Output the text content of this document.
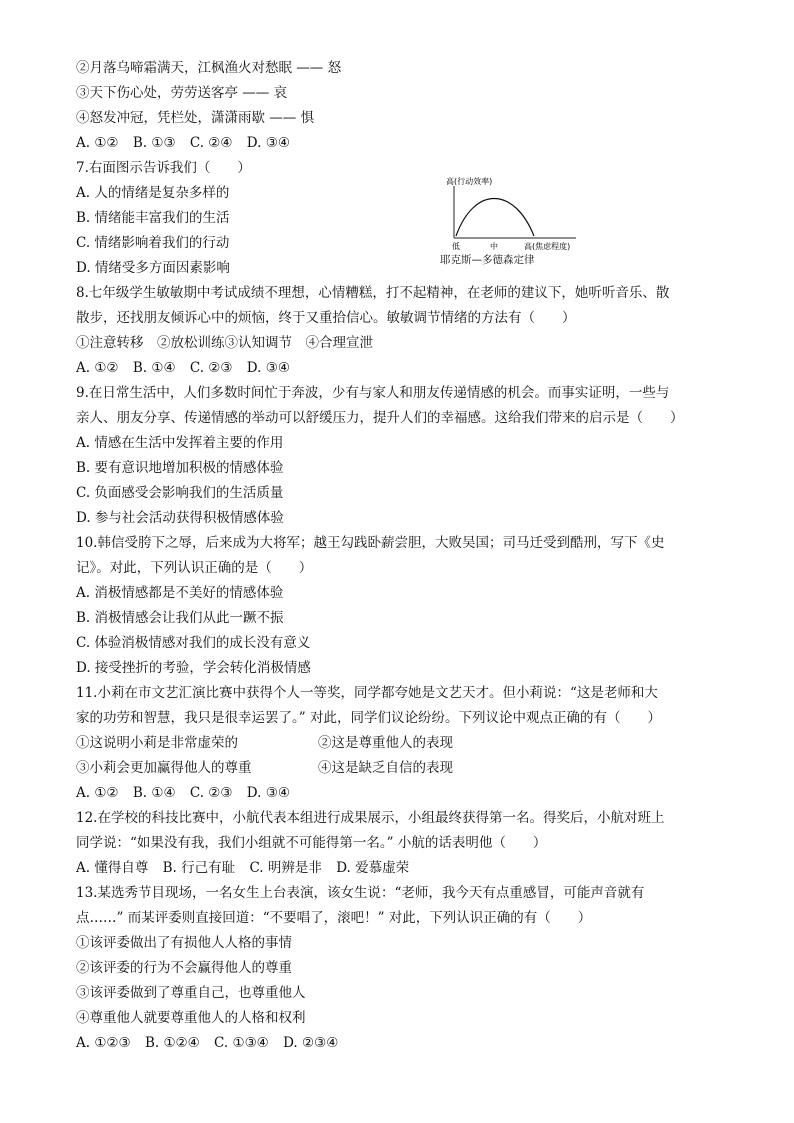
②月落乌啼霜满天，江枫渔火对愁眠 —— 怒
③天下伤心处，劳劳送客亭 —— 哀
④怒发冲冠，凭栏处，潇潇雨歇 —— 惧
A. ①② B. ①③ C. ②④ D. ③④
7.右面图示告诉我们（　　）
A. 人的情绪是复杂多样的
B. 情绪能丰富我们的生活
C. 情绪影响着我们的行动
D. 情绪受多方面因素影响
8.七年级学生敏敏期中考试成绩不理想，心情糟糕，打不起精神，在老师的建议下，她听听音乐、散
散步，还找朋友倾诉心中的烦恼，终于又重拾信心。敏敏调节情绪的方法有（　　）
①注意转移　②放松训练③认知调节　④合理宣泄
A. ①② B. ①④ C. ②③ D. ③④
9.在日常生活中，人们多数时间忙于奔波，少有与家人和朋友传递情感的机会。而事实证明，一些与
亲人、朋友分享、传递情感的举动可以舒缓压力，提升人们的幸福感。这给我们带来的启示是（　　）
A. 情感在生活中发挥着主要的作用
B. 要有意识地增加积极的情感体验
C. 负面感受会影响我们的生活质量
D. 参与社会活动获得积极情感体验
10.韩信受胯下之辱，后来成为大将军；越王勾践卧薪尝胆，大败吴国；司马迁受到酷刑，写下《史
记》。对此，下列认识正确的是（　　）
A. 消极情感都是不美好的情感体验
B. 消极情感会让我们从此一蹶不振
C. 体验消极情感对我们的成长没有意义
D. 接受挫折的考验，学会转化消极情感
11.小莉在市文艺汇演比赛中获得个人一等奖，同学都夸她是文艺天才。但小莉说：“这是老师和大
家的功劳和智慧，我只是很幸运罢了。” 对此，同学们议论纷纷。下列议论中观点正确的有（　　）
①这说明小莉是非常虚荣的	②这是尊重他人的表现
③小莉会更加赢得他人的尊重	④这是缺乏自信的表现
A. ①② B. ①④ C. ②③ D. ③④
12.在学校的科技比赛中，小航代表本组进行成果展示，小组最终获得第一名。得奖后，小航对班上
同学说：“如果没有我，我们小组就不可能得第一名。” 小航的话表明他（　　）
A. 懂得自尊 B. 行己有耻 C. 明辨是非 D. 爱慕虚荣
13.某选秀节目现场，一名女生上台表演，该女生说：“老师，我今天有点重感冒，可能声音就有
点……” 而某评委则直接回道：“不要唱了，滚吧！” 对此，下列认识正确的有（　　）
①该评委做出了有损他人人格的事情
②该评委的行为不会赢得他人的尊重
③该评委做到了尊重自己，也尊重他人
④尊重他人就要尊重他人的人格和权利
A. ①②③ B. ①②④ C. ①③④ D. ②③④
高(行动效率)
低	中	高(焦虑程度)
耶克斯—多德森定律
